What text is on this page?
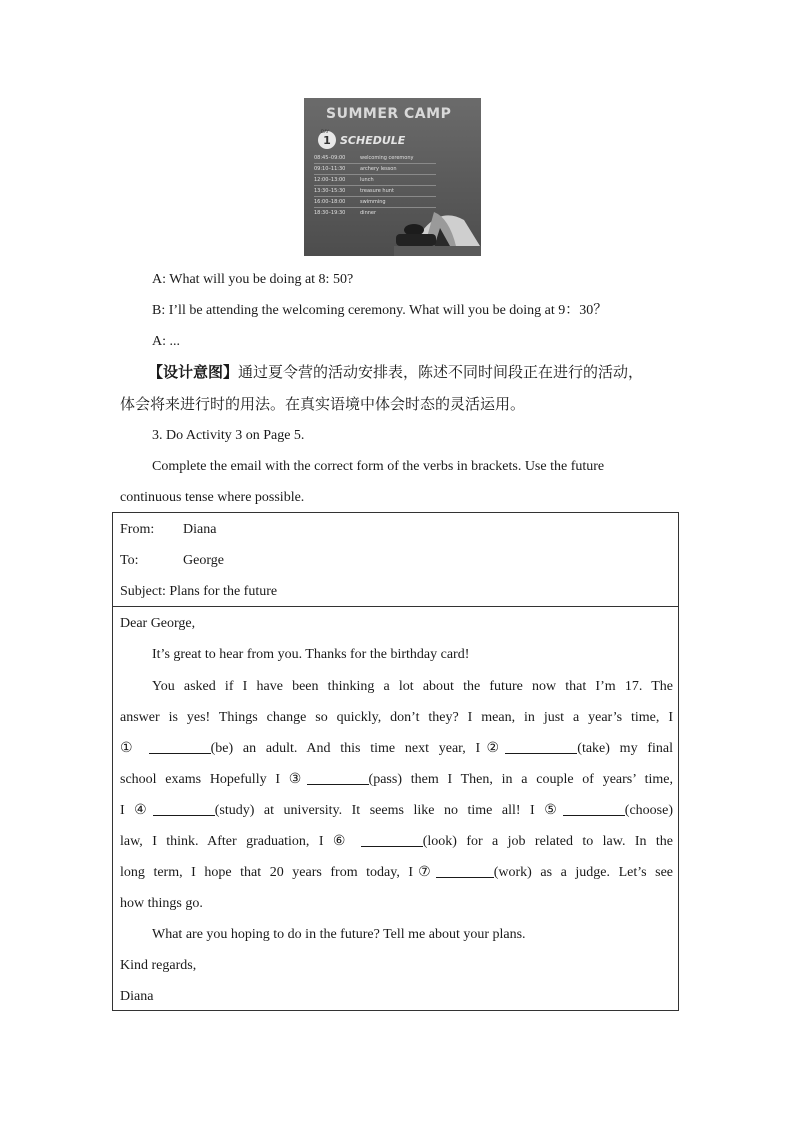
SUMMER CAMP
1
DAY
SCHEDULE
08:45–09:00	welcoming ceremony
09:10–11:30	archery lesson
12:00–13:00	lunch
13:30–15:30	treasure hunt
16:00–18:00	swimming
18:30–19:30	dinner
A: What will you be doing at 8: 50?
B: I’ll be attending the welcoming ceremony. What will you be doing at 9：30？
A: ...
【设计意图】通过夏令营的活动安排表，陈述不同时间段正在进行的活动，
体会将来进行时的用法。在真实语境中体会时态的灵活运用。
3. Do Activity 3 on Page 5.
Complete the email with the correct form of the verbs in brackets. Use the future
continuous tense where possible.
From: Diana
To:	George
Subject: Plans for the future
Dear George,
It’s great to hear from you. Thanks for the birthday card!
You asked if I have been thinking a lot about the future now that I’m 17. The
answer is yes! Things change so quickly, don’t they? I mean, in just a year’s time, I
①	(be) an adult. And this time next year, I②	(take) my final
school exams Hopefully I ③	(pass) them I Then, in a couple of years’ time,
I ④	(study) at university. It seems like no time all! I ⑤	(choose)
law, I think. After graduation, I ⑥	(look) for a job related to law. In the
long term, I hope that 20 years from today, I⑦	(work) as a judge. Let’s see
how things go.
What are you hoping to do in the future? Tell me about your plans.
Kind regards,
Diana
